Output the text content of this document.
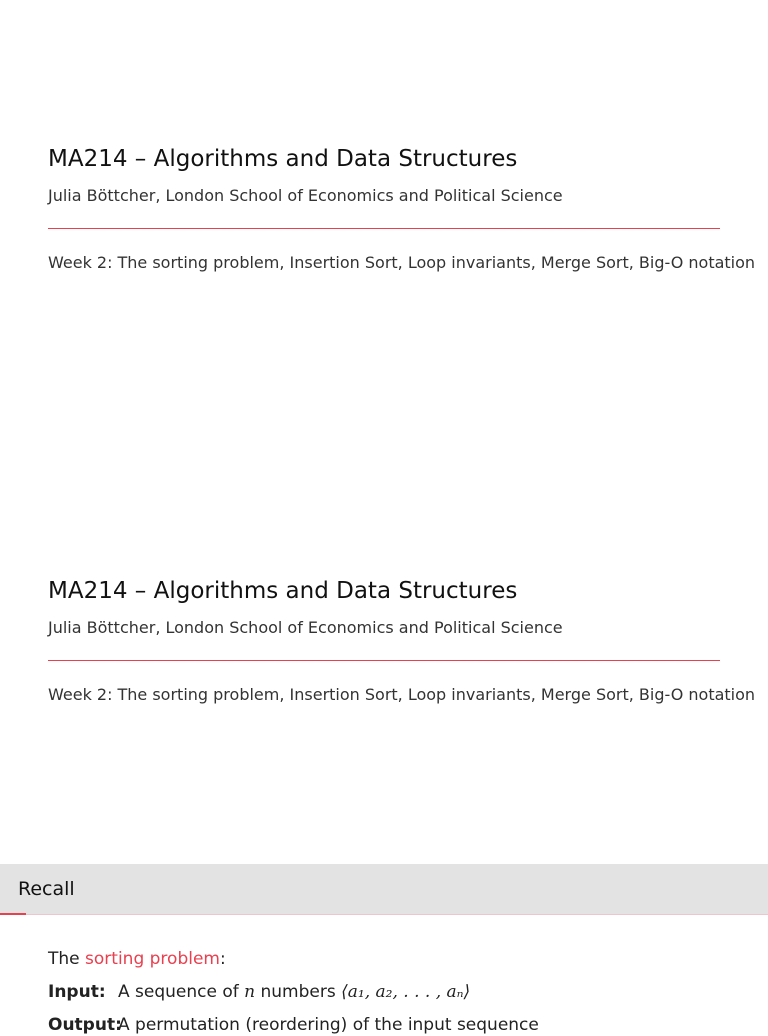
MA214 – Algorithms and Data Structures
Julia Böttcher, London School of Economics and Political Science
Week 2: The sorting problem, Insertion Sort, Loop invariants, Merge Sort, Big-O notation
MA214 – Algorithms and Data Structures
Julia Böttcher, London School of Economics and Political Science
Week 2: The sorting problem, Insertion Sort, Loop invariants, Merge Sort, Big-O notation
Recall
The sorting problem:
Input: A sequence of n numbers ⟨a₁, a₂, . . . , aₙ⟩
Output:A permutation (reordering) of the input sequence
